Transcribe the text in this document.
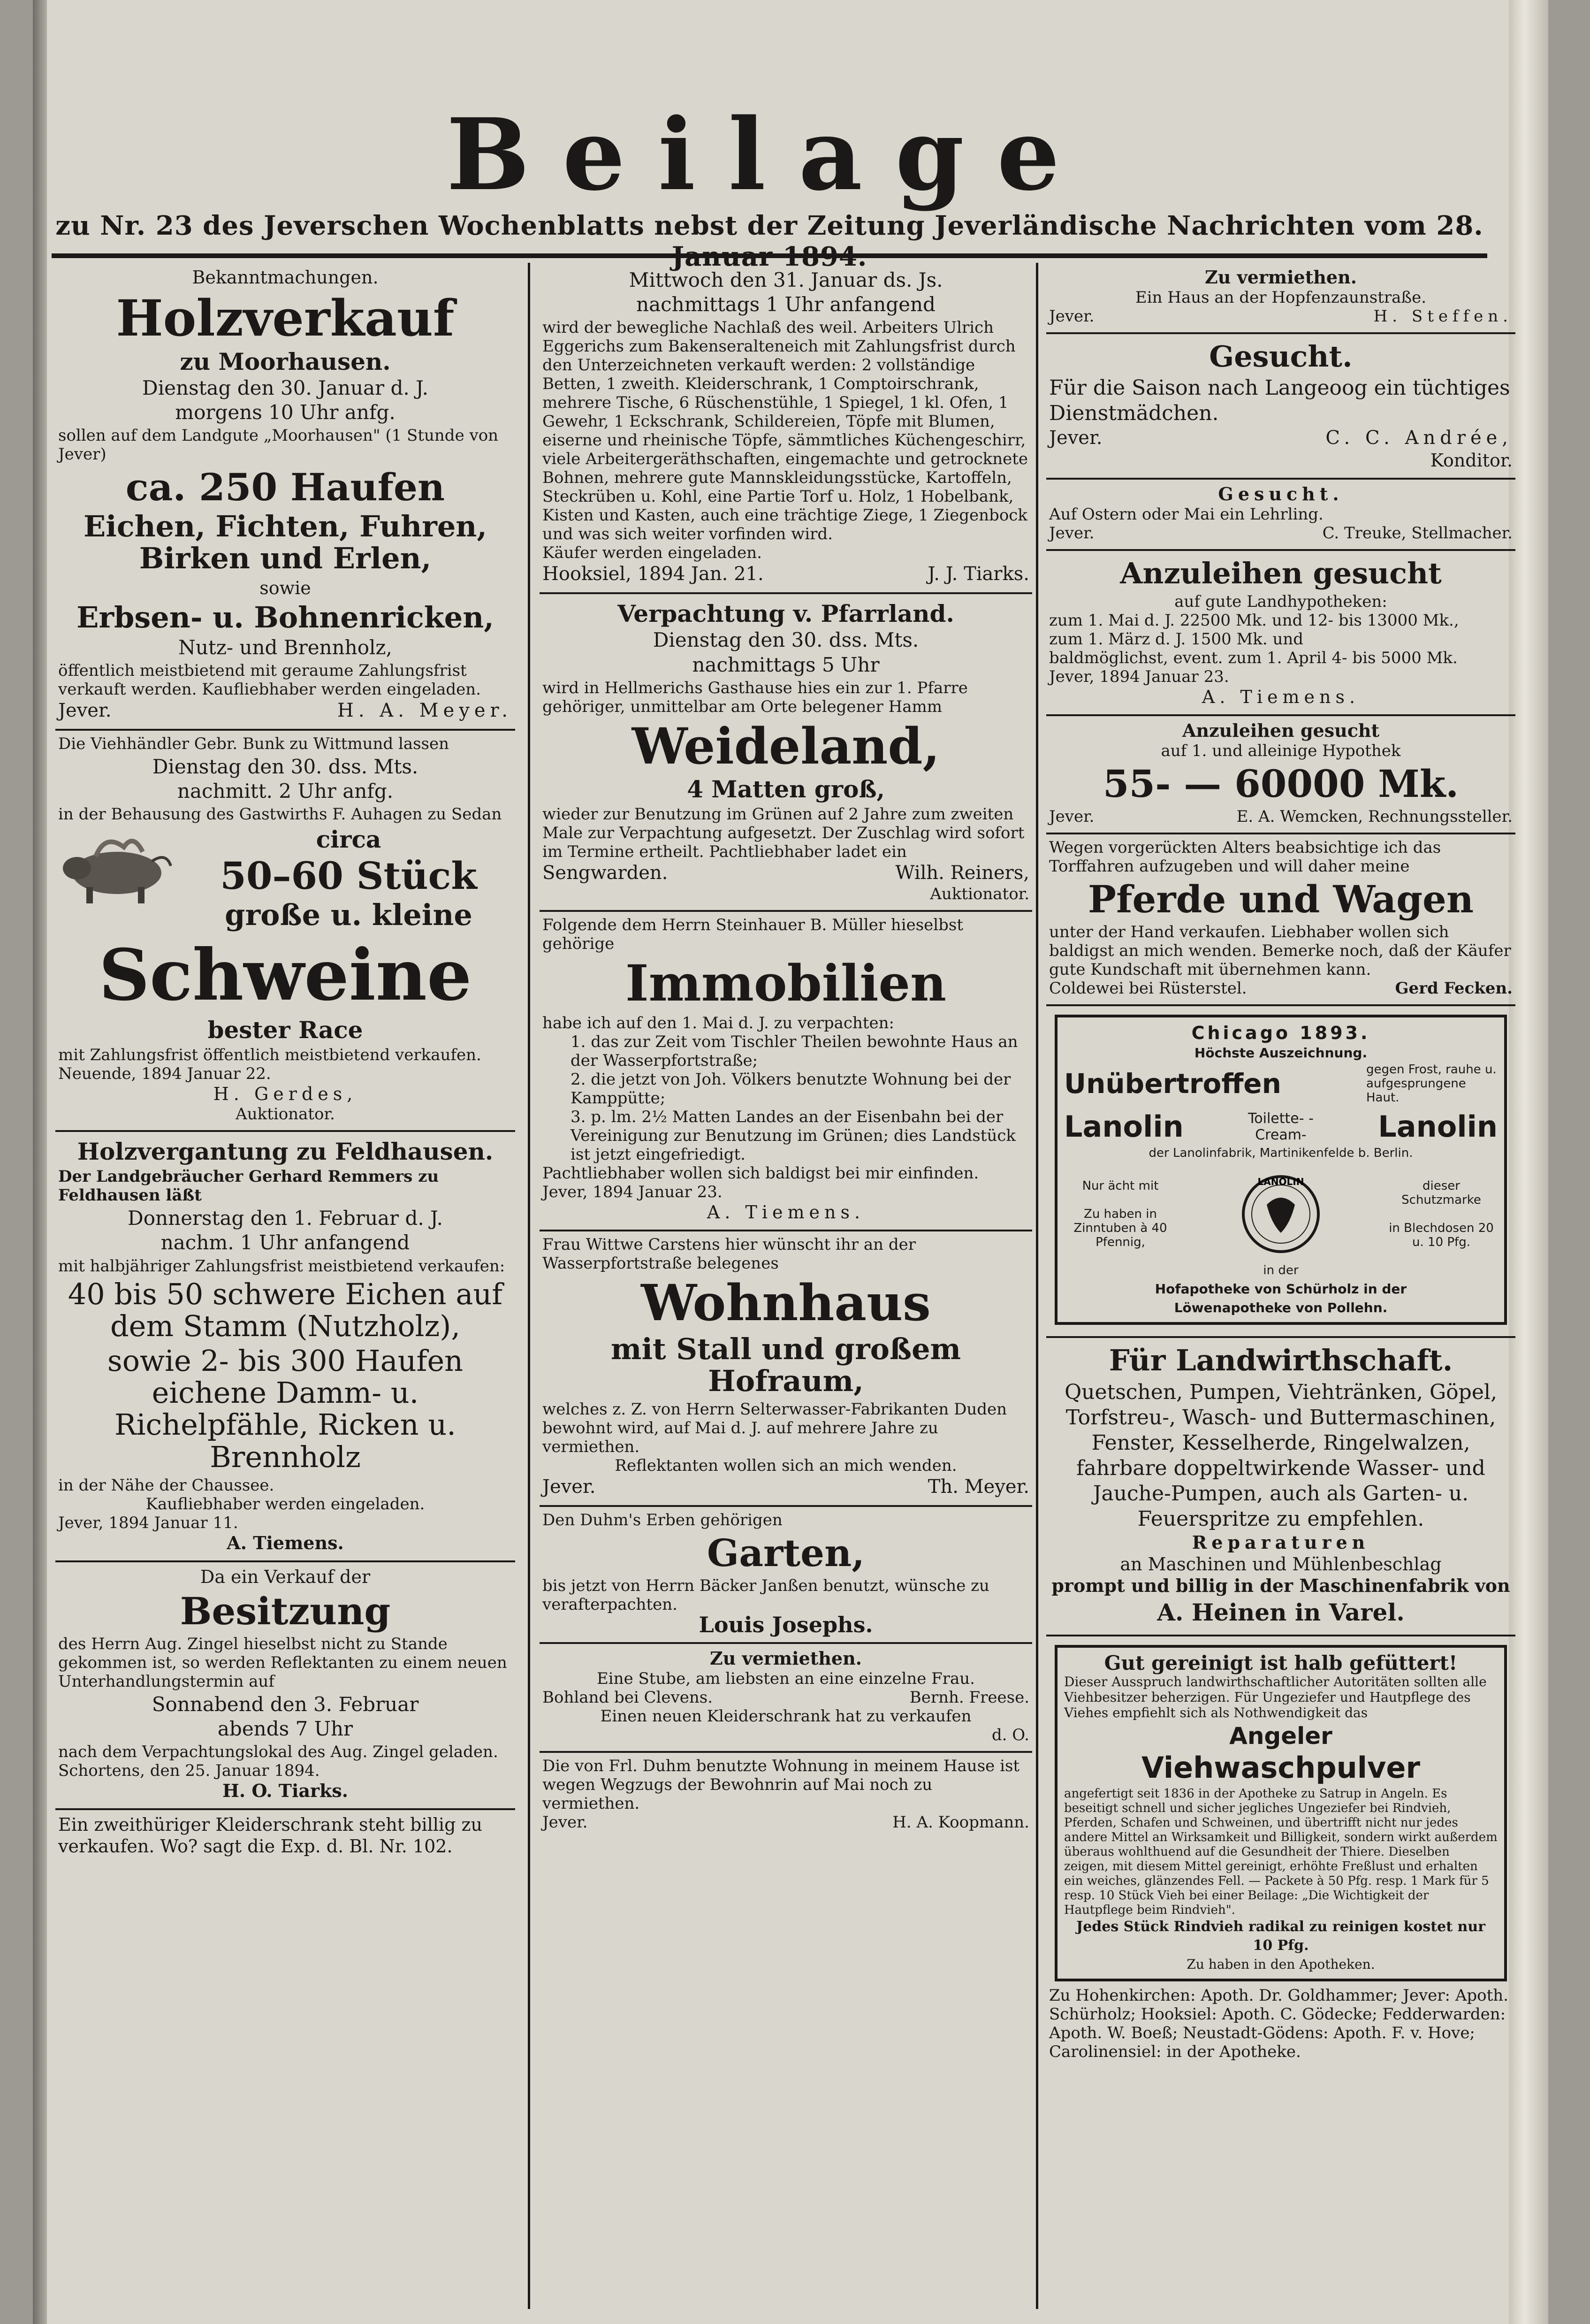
Beilage
zu Nr. 23 des Jeverschen Wochenblatts nebst der Zeitung Jeverländische Nachrichten vom 28. Januar 1894.

Bekanntmachungen.

Holzverkauf
zu Moorhausen.
Dienstag den 30. Januar d. J.
morgens 10 Uhr anfg.

sollen auf dem Landgute „Moorhausen" (1 Stunde von Jever)

ca. 250 Haufen
Eichen, Fichten, Fuhren, Birken und Erlen,

sowie

Erbsen- u. Bohnenricken,
Nutz- und Brennholz,

öffentlich meistbietend mit geraume Zahlungsfrist verkauft werden. Kaufliebhaber werden eingeladen.

Jever.	H. A. Meyer.

Die Viehhändler Gebr. Bunk zu Wittmund lassen

Dienstag den 30. dss. Mts.
nachmitt. 2 Uhr anfg.

in der Behausung des Gastwirths F. Auhagen zu Sedan

circa
50–60 Stück
große u. kleine
Schweine
bester Race

mit Zahlungsfrist öffentlich meistbietend verkaufen.

Neuende, 1894 Januar 22.

H. Gerdes,

Auktionator.

Holzvergantung zu Feldhausen.

Der Landgebräucher Gerhard Remmers zu Feldhausen läßt

Donnerstag den 1. Februar d. J.
nachm. 1 Uhr anfangend

mit halbjähriger Zahlungsfrist meistbietend verkaufen:

40 bis 50 schwere Eichen auf dem Stamm (Nutzholz),
sowie 2- bis 300 Haufen eichene Damm- u. Richelpfähle, Ricken u. Brennholz

in der Nähe der Chaussee.

Kaufliebhaber werden eingeladen.

Jever, 1894 Januar 11.

A. Tiemens.

Da ein Verkauf der

Besitzung

des Herrn Aug. Zingel hieselbst nicht zu Stande gekommen ist, so werden Reflektanten zu einem neuen Unterhandlungstermin auf

Sonnabend den 3. Februar
abends 7 Uhr

nach dem Verpachtungslokal des Aug. Zingel geladen.

Schortens, den 25. Januar 1894.

H. O. Tiarks.

Ein zweithüriger Kleiderschrank steht billig zu verkaufen. Wo? sagt die Exp. d. Bl. Nr. 102.

Mittwoch den 31. Januar ds. Js.
nachmittags 1 Uhr anfangend

wird der bewegliche Nachlaß des weil. Arbeiters Ulrich Eggerichs zum Bakenseralteneich mit Zahlungsfrist durch den Unterzeichneten verkauft werden: 2 vollständige Betten, 1 zweith. Kleiderschrank, 1 Comptoirschrank, mehrere Tische, 6 Rüschenstühle, 1 Spiegel, 1 kl. Ofen, 1 Gewehr, 1 Eckschrank, Schildereien, Töpfe mit Blumen, eiserne und rheinische Töpfe, sämmtliches Küchengeschirr, viele Arbeitergeräthschaften, eingemachte und getrocknete Bohnen, mehrere gute Mannskleidungsstücke, Kartoffeln, Steckrüben u. Kohl, eine Partie Torf u. Holz, 1 Hobelbank, Kisten und Kasten, auch eine trächtige Ziege, 1 Ziegenbock und was sich weiter vorfinden wird.

Käufer werden eingeladen.

Hooksiel, 1894 Jan. 21.	J. J. Tiarks.
Verpachtung v. Pfarrland.
Dienstag den 30. dss. Mts.
nachmittags 5 Uhr

wird in Hellmerichs Gasthause hies ein zur 1. Pfarre gehöriger, unmittelbar am Orte belegener Hamm

Weideland,
4 Matten groß,

wieder zur Benutzung im Grünen auf 2 Jahre zum zweiten Male zur Verpachtung aufgesetzt. Der Zuschlag wird sofort im Termine ertheilt. Pachtliebhaber ladet ein

Sengwarden.	Wilh. Reiners,

Auktionator.

Folgende dem Herrn Steinhauer B. Müller hieselbst gehörige

Immobilien

habe ich auf den 1. Mai d. J. zu verpachten:

1. das zur Zeit vom Tischler Theilen bewohnte Haus an der Wasserpfortstraße;

2. die jetzt von Joh. Völkers benutzte Wohnung bei der Kamppütte;

3. p. lm. 2½ Matten Landes an der Eisenbahn bei der Vereinigung zur Benutzung im Grünen; dies Landstück ist jetzt eingefriedigt.

Pachtliebhaber wollen sich baldigst bei mir einfinden.

Jever, 1894 Januar 23.

A. Tiemens.

Frau Wittwe Carstens hier wünscht ihr an der Wasserpfortstraße belegenes

Wohnhaus
mit Stall und großem Hofraum,

welches z. Z. von Herrn Selterwasser-Fabrikanten Duden bewohnt wird, auf Mai d. J. auf mehrere Jahre zu vermiethen.

Reflektanten wollen sich an mich wenden.

Jever.	Th. Meyer.

Den Duhm's Erben gehörigen

Garten,

bis jetzt von Herrn Bäcker Janßen benutzt, wünsche zu verafterpachten.

Louis Josephs.

Zu vermiethen.

Eine Stube, am liebsten an eine einzelne Frau.

Bohland bei Clevens.	Bernh. Freese.

Einen neuen Kleiderschrank hat zu verkaufen

d. O.

Die von Frl. Duhm benutzte Wohnung in meinem Hause ist wegen Wegzugs der Bewohnrin auf Mai noch zu vermiethen.

Jever.	H. A. Koopmann.

Zu vermiethen.

Ein Haus an der Hopfenzaunstraße.

Jever.	H. Steffen.
Gesucht.

Für die Saison nach Langeoog ein tüchtiges Dienstmädchen.

Jever.	C. C. Andrée,

Konditor.

Gesucht.

Auf Ostern oder Mai ein Lehrling.

Jever.	C. Treuke, Stellmacher.
Anzuleihen gesucht

auf gute Landhypotheken:

zum 1. Mai d. J. 22500 Mk. und 12- bis 13000 Mk.,

zum 1. März d. J. 1500 Mk. und

baldmöglichst, event. zum 1. April 4- bis 5000 Mk.

Jever, 1894 Januar 23.

A. Tiemens.

Anzuleihen gesucht

auf 1. und alleinige Hypothek

55- — 60000 Mk.
Jever.	E. A. Wemcken, Rechnungssteller.

Wegen vorgerückten Alters beabsichtige ich das Torffahren aufzugeben und will daher meine

Pferde und Wagen

unter der Hand verkaufen. Liebhaber wollen sich baldigst an mich wenden. Bemerke noch, daß der Käufer gute Kundschaft mit übernehmen kann.

Coldewei bei Rüsterstel.	Gerd Fecken.

Chicago 1893.

Höchste Auszeichnung.

Unübertroffen	gegen Frost, rauhe u. aufgesprungene Haut.
Lanolin	Toilette- -Cream-	Lanolin

der Lanolinfabrik, Martinikenfelde b. Berlin.

Nur ächt mit

Zu haben in Zinntuben à 40 Pfennig,

LANOLIN	dieser Schutzmarke

in Blechdosen 20 u. 10 Pfg.

in der

Hofapotheke von Schürholz in der

Löwenapotheke von Pollehn.

Für Landwirthschaft.

Quetschen, Pumpen, Viehtränken, Göpel, Torfstreu-, Wasch- und Buttermaschinen, Fenster, Kesselherde, Ringelwalzen, fahrbare doppeltwirkende Wasser- und Jauche-Pumpen, auch als Garten- u. Feuerspritze zu empfehlen.

Reparaturen

an Maschinen und Mühlenbeschlag

prompt und billig in der Maschinenfabrik von

A. Heinen in Varel.

Gut gereinigt ist halb gefüttert!

Dieser Ausspruch landwirthschaftlicher Autoritäten sollten alle Viehbesitzer beherzigen. Für Ungeziefer und Hautpflege des Viehes empfiehlt sich als Nothwendigkeit das

Angeler
Viehwaschpulver

angefertigt seit 1836 in der Apotheke zu Satrup in Angeln. Es beseitigt schnell und sicher jegliches Ungeziefer bei Rindvieh, Pferden, Schafen und Schweinen, und übertrifft nicht nur jedes andere Mittel an Wirksamkeit und Billigkeit, sondern wirkt außerdem überaus wohlthuend auf die Gesundheit der Thiere. Dieselben zeigen, mit diesem Mittel gereinigt, erhöhte Freßlust und erhalten ein weiches, glänzendes Fell. — Packete à 50 Pfg. resp. 1 Mark für 5 resp. 10 Stück Vieh bei einer Beilage: „Die Wichtigkeit der Hautpflege beim Rindvieh".

Jedes Stück Rindvieh radikal zu reinigen kostet nur 10 Pfg.

Zu haben in den Apotheken.

Zu Hohenkirchen: Apoth. Dr. Goldhammer; Jever: Apoth. Schürholz; Hooksiel: Apoth. C. Gödecke; Fedderwarden: Apoth. W. Boeß; Neustadt-Gödens: Apoth. F. v. Hove; Carolinensiel: in der Apotheke.
